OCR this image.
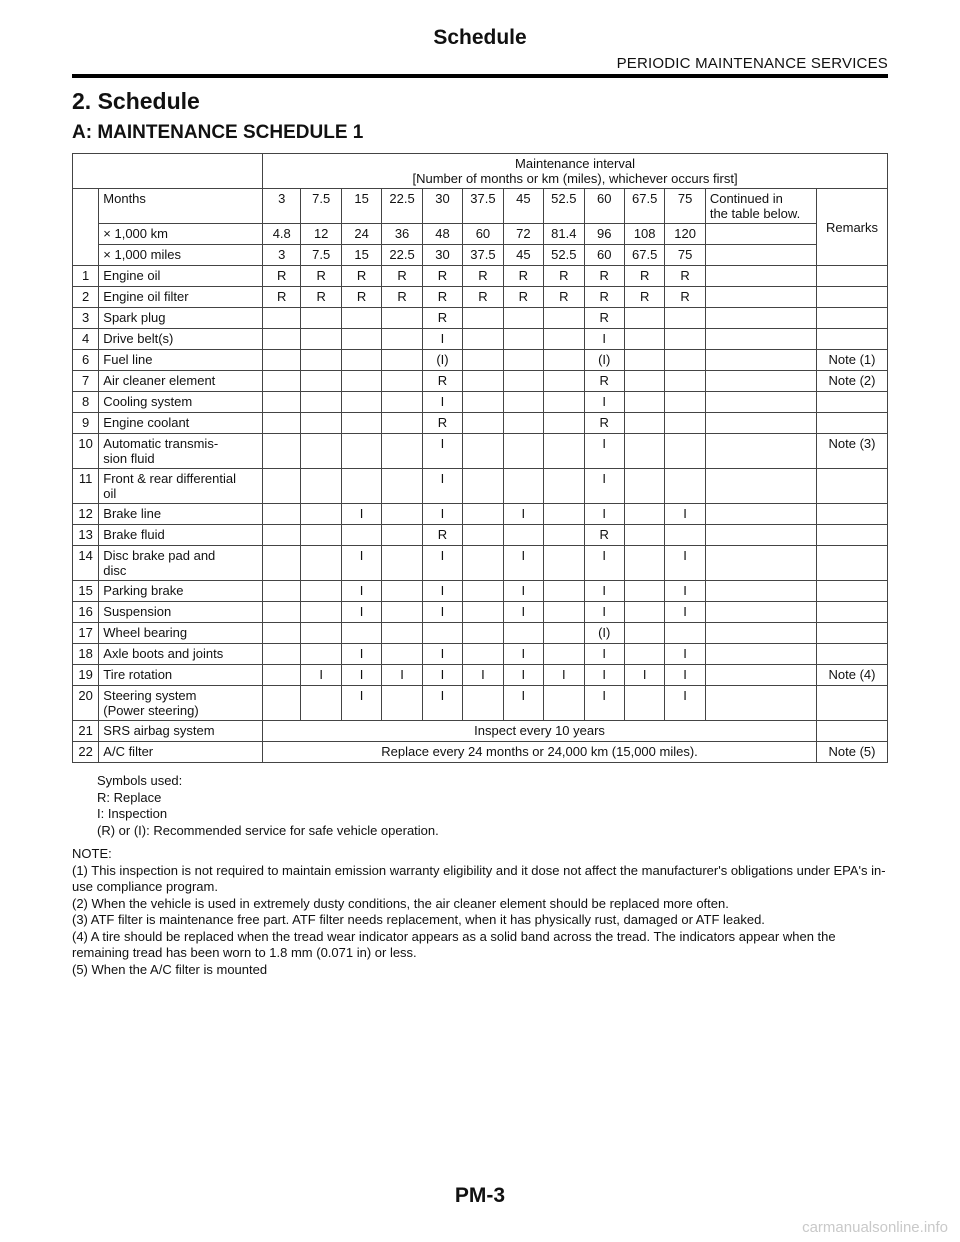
Schedule
PERIODIC MAINTENANCE SERVICES
2. Schedule
A: MAINTENANCE SCHEDULE 1
		Maintenance interval
[Number of months or km (miles), whichever occurs first]												
	Months	3	7.5	15	22.5	30	37.5	45	52.5	60	67.5	75	Continued in
the table below.	Remarks
	× 1,000 km	4.8	12	24	36	48	60	72	81.4	96	108	120		
	× 1,000 miles	3	7.5	15	22.5	30	37.5	45	52.5	60	67.5	75		
1	Engine oil	R	R	R	R	R	R	R	R	R	R	R		
2	Engine oil filter	R	R	R	R	R	R	R	R	R	R	R		
3	Spark plug					R				R				
4	Drive belt(s)					I				I				
6	Fuel line					(I)				(I)				Note (1)
7	Air cleaner element					R				R				Note (2)
8	Cooling system					I				I				
9	Engine coolant					R				R				
10	Automatic transmis-
sion fluid					I				I				Note (3)
11	Front & rear differential
oil					I				I				
12	Brake line			I		I		I		I		I		
13	Brake fluid					R				R				
14	Disc brake pad and
disc			I		I		I		I		I		
15	Parking brake			I		I		I		I		I		
16	Suspension			I		I		I		I		I		
17	Wheel bearing									(I)				
18	Axle boots and joints			I		I		I		I		I		
19	Tire rotation		I	I	I	I	I	I	I	I	I	I		Note (4)
20	Steering system
(Power steering)			I		I		I		I		I		
21	SRS airbag system	Inspect every 10 years												
22	A/C filter	Replace every 24 months or 24,000 km (15,000 miles).												Note (5)
Symbols used:
R: Replace
I: Inspection
(R) or (I): Recommended service for safe vehicle operation.
NOTE:
(1) This inspection is not required to maintain emission warranty eligibility and it dose not affect the manufacturer's obligations under EPA's in-use compliance program.
(2) When the vehicle is used in extremely dusty conditions, the air cleaner element should be replaced more often.
(3) ATF filter is maintenance free part. ATF filter needs replacement, when it has physically rust, damaged or ATF leaked.
(4) A tire should be replaced when the tread wear indicator appears as a solid band across the tread. The indicators appear when the remaining tread has been worn to 1.8 mm (0.071 in) or less.
(5) When the A/C filter is mounted
PM-3
carmanualsonline.info
